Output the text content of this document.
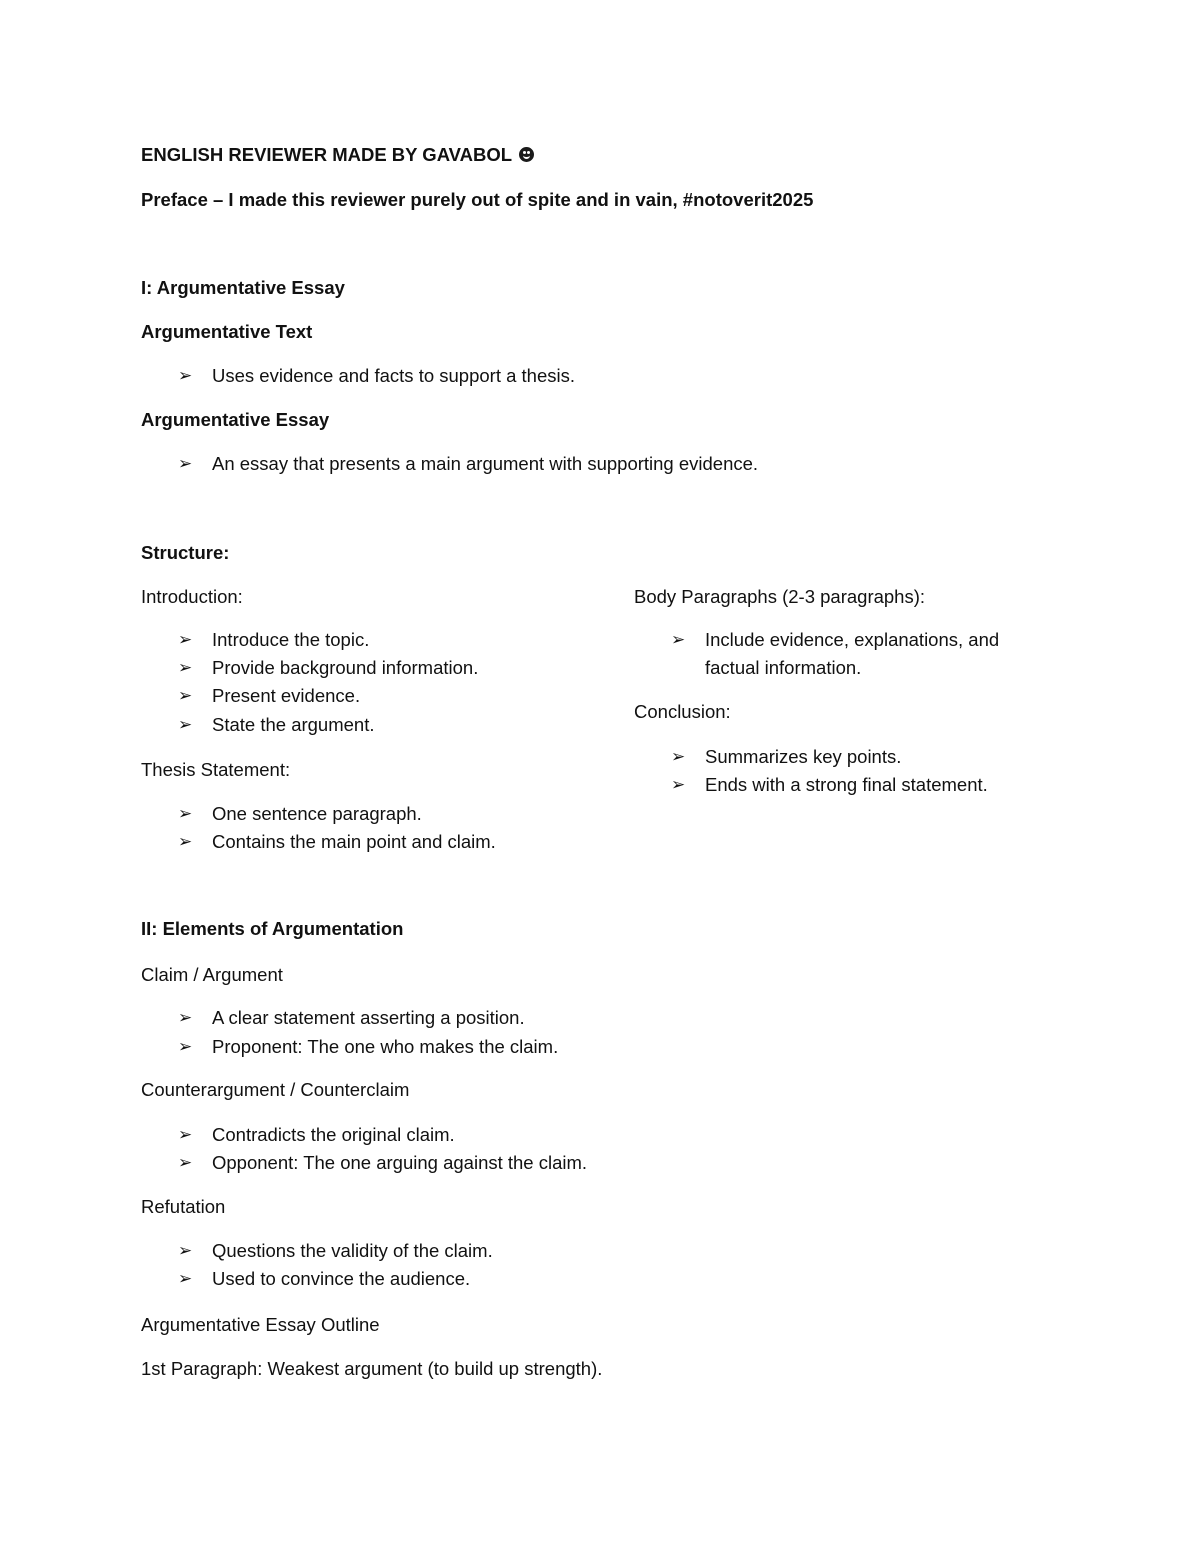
ENGLISH REVIEWER MADE BY GAVABOL
Preface – I made this reviewer purely out of spite and in vain, #notoverit2025
I: Argumentative Essay
Argumentative Text
➢ Uses evidence and facts to support a thesis.
Argumentative Essay
➢ An essay that presents a main argument with supporting evidence.
Structure:
Introduction:
➢ Introduce the topic.
➢ Provide background information.
➢ Present evidence.
➢ State the argument.
Thesis Statement:
➢ One sentence paragraph.
➢ Contains the main point and claim.
Body Paragraphs (2-3 paragraphs):
➢ Include evidence, explanations, and
factual information.
Conclusion:
➢ Summarizes key points.
➢ Ends with a strong final statement.
II: Elements of Argumentation
Claim / Argument
➢ A clear statement asserting a position.
➢ Proponent: The one who makes the claim.
Counterargument / Counterclaim
➢ Contradicts the original claim.
➢ Opponent: The one arguing against the claim.
Refutation
➢ Questions the validity of the claim.
➢ Used to convince the audience.
Argumentative Essay Outline
1st Paragraph: Weakest argument (to build up strength).
